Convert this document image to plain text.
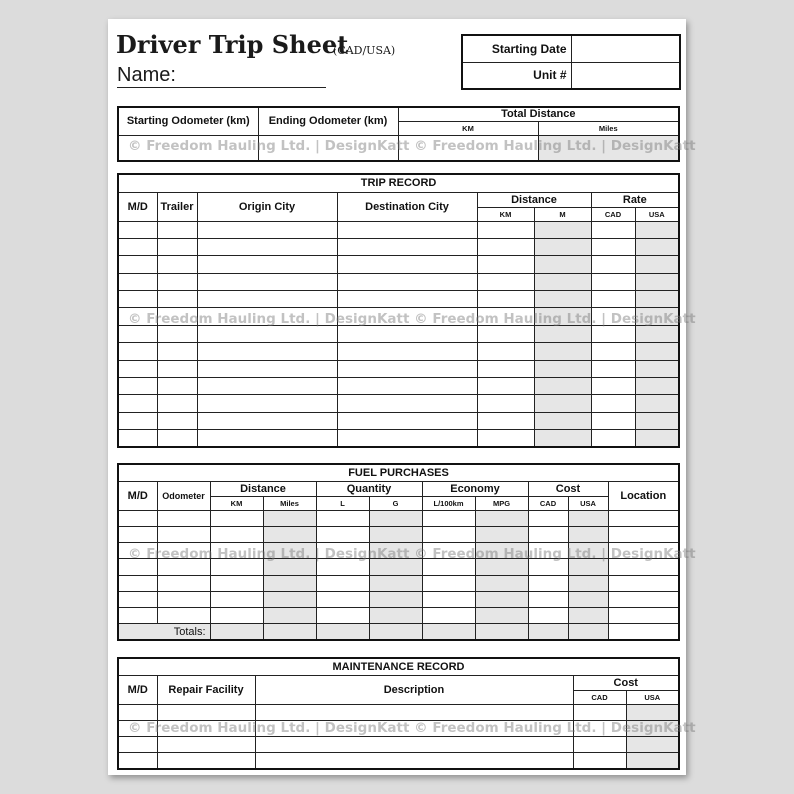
Driver Trip Sheet
(CAD/USA)
Name:
Starting Date	
Unit #	
Starting Odometer (km)	Ending Odometer (km)	Total Distance	
		KM	Miles

TRIP RECORD							
M/D	Trailer	Origin City	Destination City	Distance		Rate	
				KM	M	CAD	USA

FUEL PURCHASES										
M/D	Odometer	Distance		Quantity		Economy		Cost		Location
		KM	Miles	L	G	L/100km	MPG	CAD	USA	

Totals:										
MAINTENANCE RECORD				
M/D	Repair Facility	Description	Cost	
			CAD	USA

© Freedom Hauling Ltd. | DesignKatt © Freedom Hauling Ltd. | DesignKatt
© Freedom Hauling Ltd. | DesignKatt © Freedom Hauling Ltd. | DesignKatt
© Freedom Hauling Ltd. | DesignKatt © Freedom Hauling Ltd. | DesignKatt
© Freedom Hauling Ltd. | DesignKatt © Freedom Hauling Ltd. | DesignKatt
